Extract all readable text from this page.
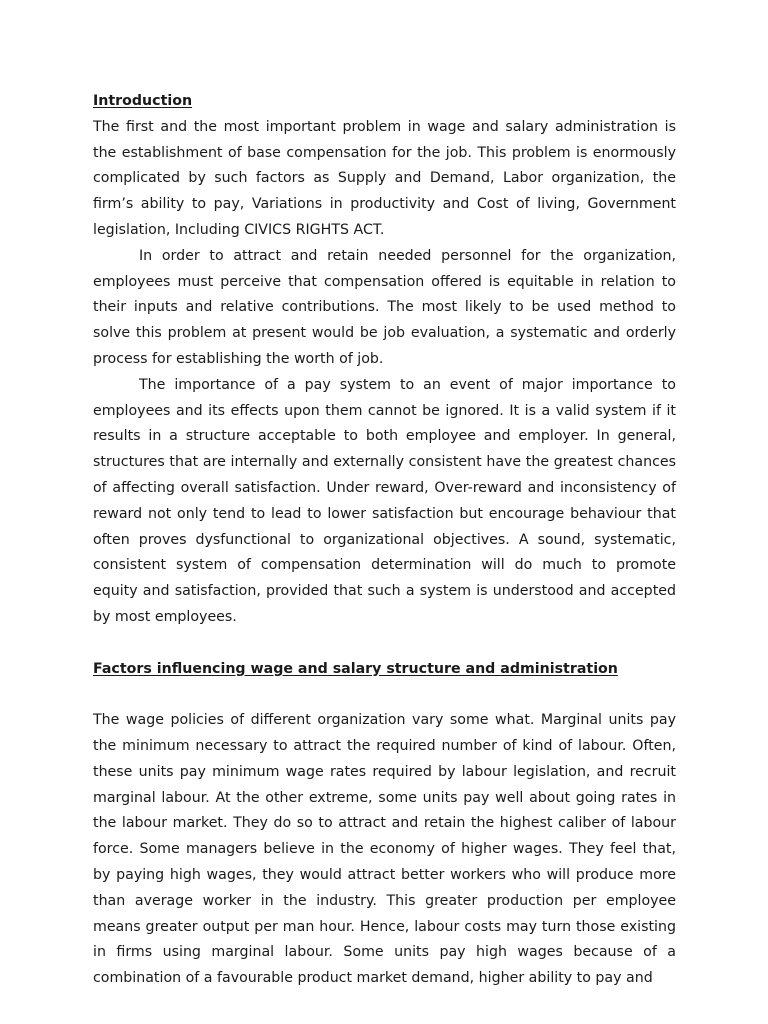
Introduction

The first and the most important problem in wage and salary administration is the establishment of base compensation for the job. This problem is enormously complicated by such factors as Supply and Demand, Labor organization, the firm’s ability to pay, Variations in productivity and Cost of living, Government legislation, Including CIVICS RIGHTS ACT.

In order to attract and retain needed personnel for the organization, employees must perceive that compensation offered is equitable in relation to their inputs and relative contributions. The most likely to be used method to solve this problem at present would be job evaluation, a systematic and orderly process for establishing the worth of job.

The importance of a pay system to an event of major importance to employees and its effects upon them cannot be ignored. It is a valid system if it results in a structure acceptable to both employee and employer. In general, structures that are internally and externally consistent have the greatest chances of affecting overall satisfaction. Under reward, Over-reward and inconsistency of reward not only tend to lead to lower satisfaction but encourage behaviour that often proves dysfunctional to organizational objectives. A sound, systematic, consistent system of compensation determination will do much to promote equity and satisfaction, provided that such a system is understood and accepted by most employees.

Factors influencing wage and salary structure and administration

The wage policies of different organization vary some what. Marginal units pay the minimum necessary to attract the required number of kind of labour. Often, these units pay minimum wage rates required by labour legislation, and recruit marginal labour. At the other extreme, some units pay well about going rates in the labour market. They do so to attract and retain the highest caliber of labour force. Some managers believe in the economy of higher wages. They feel that, by paying high wages, they would attract better workers who will produce more than average worker in the industry. This greater production per employee means greater output per man hour. Hence, labour costs may turn those existing in firms using marginal labour. Some units pay high wages because of a combination of a favourable product market demand, higher ability to pay and
